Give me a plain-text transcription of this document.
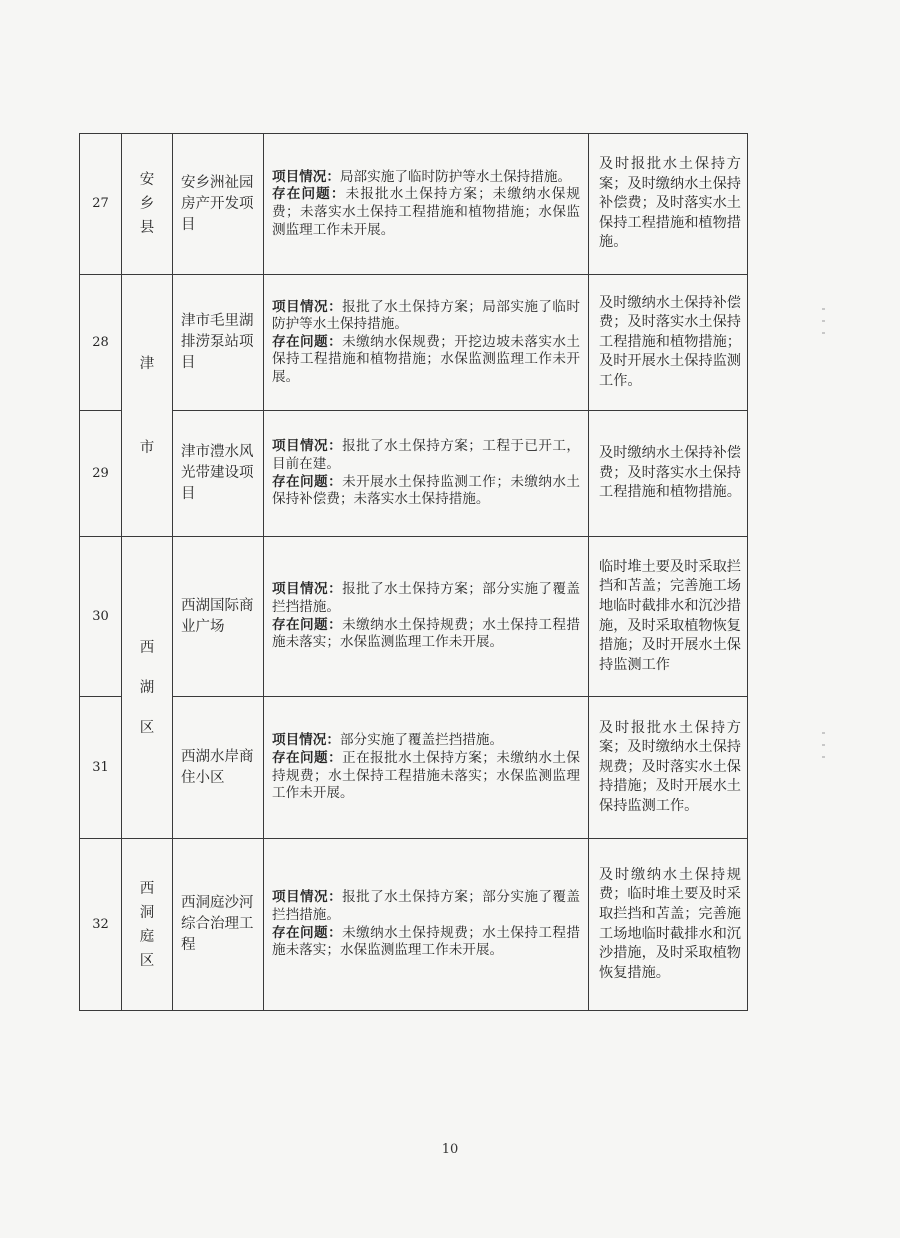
27	安乡县	安乡洲祉园房产开发项目	项目情况：局部实施了临时防护等水土保持措施。
存在问题：未报批水土保持方案；未缴纳水保规费；未落实水土保持工程措施和植物措施；水保监测监理工作未开展。	及时报批水土保持方案；及时缴纳水土保持补偿费；及时落实水土保持工程措施和植物措施。
28	津市	津市毛里湖排涝泵站项目	项目情况：报批了水土保持方案；局部实施了临时防护等水土保持措施。
存在问题：未缴纳水保规费；开挖边坡未落实水土保持工程措施和植物措施；水保监测监理工作未开展。	及时缴纳水土保持补偿费；及时落实水土保持工程措施和植物措施；及时开展水土保持监测工作。
29		津市澧水风光带建设项目	项目情况：报批了水土保持方案；工程于已开工，目前在建。
存在问题：未开展水土保持监测工作；未缴纳水土保持补偿费；未落实水土保持措施。	及时缴纳水土保持补偿费；及时落实水土保持工程措施和植物措施。
30	西湖区	西湖国际商业广场	项目情况：报批了水土保持方案；部分实施了覆盖拦挡措施。
存在问题：未缴纳水土保持规费；水土保持工程措施未落实；水保监测监理工作未开展。	临时堆土要及时采取拦挡和苫盖；完善施工场地临时截排水和沉沙措施，及时采取植物恢复措施；及时开展水土保持监测工作
31		西湖水岸商住小区	项目情况：部分实施了覆盖拦挡措施。
存在问题：正在报批水土保持方案；未缴纳水土保持规费；水土保持工程措施未落实；水保监测监理工作未开展。	及时报批水土保持方案；及时缴纳水土保持规费；及时落实水土保持措施；及时开展水土保持监测工作。
32	西洞庭区	西洞庭沙河综合治理工程	项目情况：报批了水土保持方案；部分实施了覆盖拦挡措施。
存在问题：未缴纳水土保持规费；水土保持工程措施未落实；水保监测监理工作未开展。	及时缴纳水土保持规费；临时堆土要及时采取拦挡和苫盖；完善施工场地临时截排水和沉沙措施，及时采取植物恢复措施。
10
